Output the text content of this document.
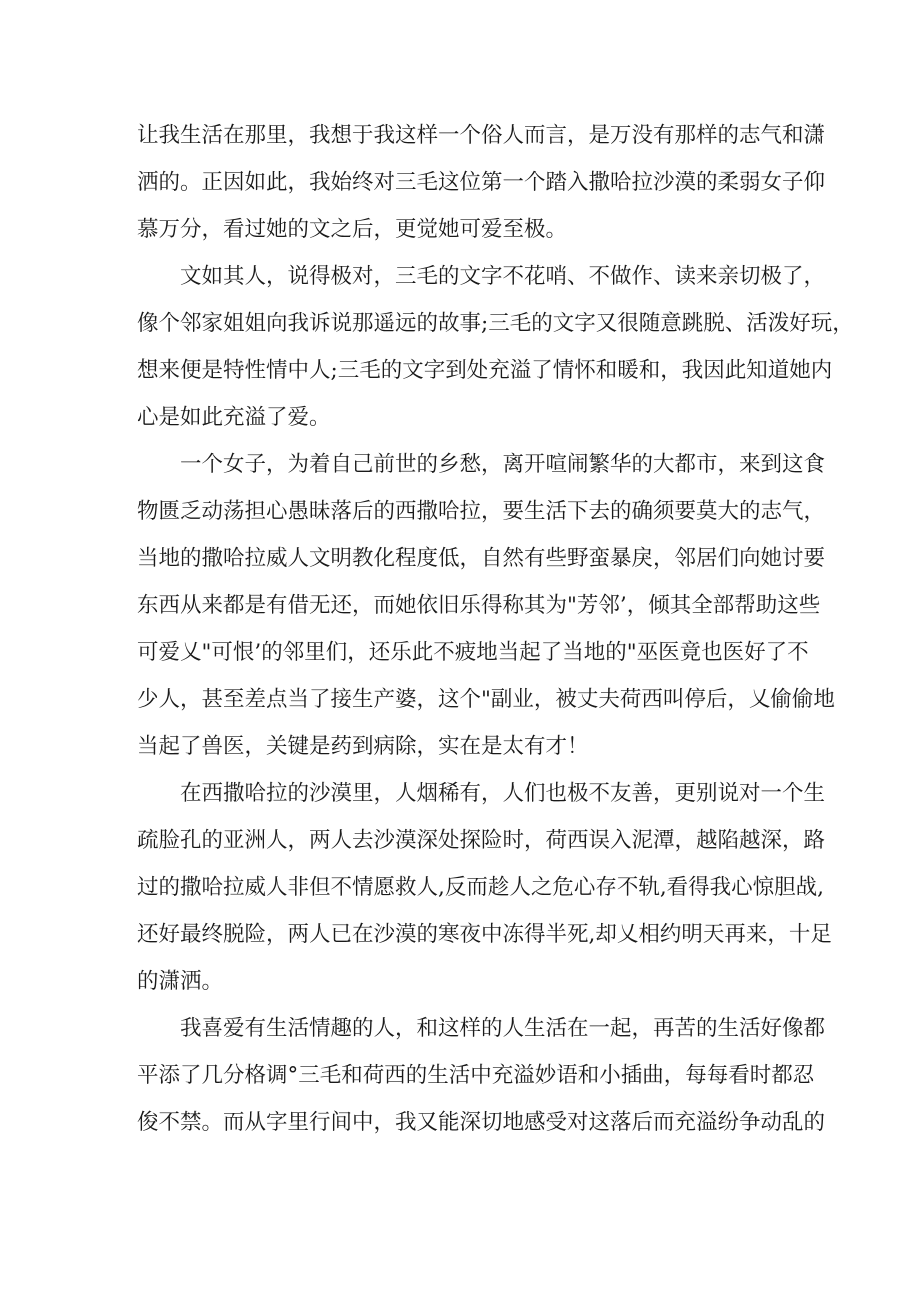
让我生活在那里，我想于我这样一个俗人而言，是万没有那样的志气和潇
洒的。正因如此，我始终对三毛这位第一个踏入撒哈拉沙漠的柔弱女子仰
慕万分，看过她的文之后，更觉她可爱至极。
文如其人，说得极对，三毛的文字不花哨、不做作、读来亲切极了，
像个邻家姐姐向我诉说那遥远的故事;三毛的文字又很随意跳脱、活泼好玩，
想来便是特性情中人;三毛的文字到处充溢了情怀和暖和，我因此知道她内
心是如此充溢了爱。
一个女子，为着自己前世的乡愁，离开喧闹繁华的大都市，来到这食
物匮乏动荡担心愚昧落后的西撒哈拉，要生活下去的确须要莫大的志气，
当地的撒哈拉威人文明教化程度低，自然有些野蛮暴戾，邻居们向她讨要
东西从来都是有借无还，而她依旧乐得称其为"芳邻’，倾其全部帮助这些
可爱乂"可恨’的邻里们，还乐此不疲地当起了当地的"巫医竟也医好了不
少人，甚至差点当了接生产婆，这个"副业，被丈夫荷西叫停后，乂偷偷地
当起了兽医，关键是药到病除，实在是太有才！
在西撒哈拉的沙漠里，人烟稀有，人们也极不友善，更别说对一个生
疏脸孔的亚洲人，两人去沙漠深处探险时，荷西误入泥潭，越陷越深，路
过的撒哈拉威人非但不情愿救人,反而趁人之危心存不轨,看得我心惊胆战,
还好最终脱险，两人已在沙漠的寒夜中冻得半死,却乂相约明天再来，十足
的潇洒。
我喜爱有生活情趣的人，和这样的人生活在一起，再苦的生活好像都
平添了几分格调°三毛和荷西的生活中充溢妙语和小插曲，每每看时都忍
俊不禁。而从字里行间中，我又能深切地感受对这落后而充溢纷争动乱的
